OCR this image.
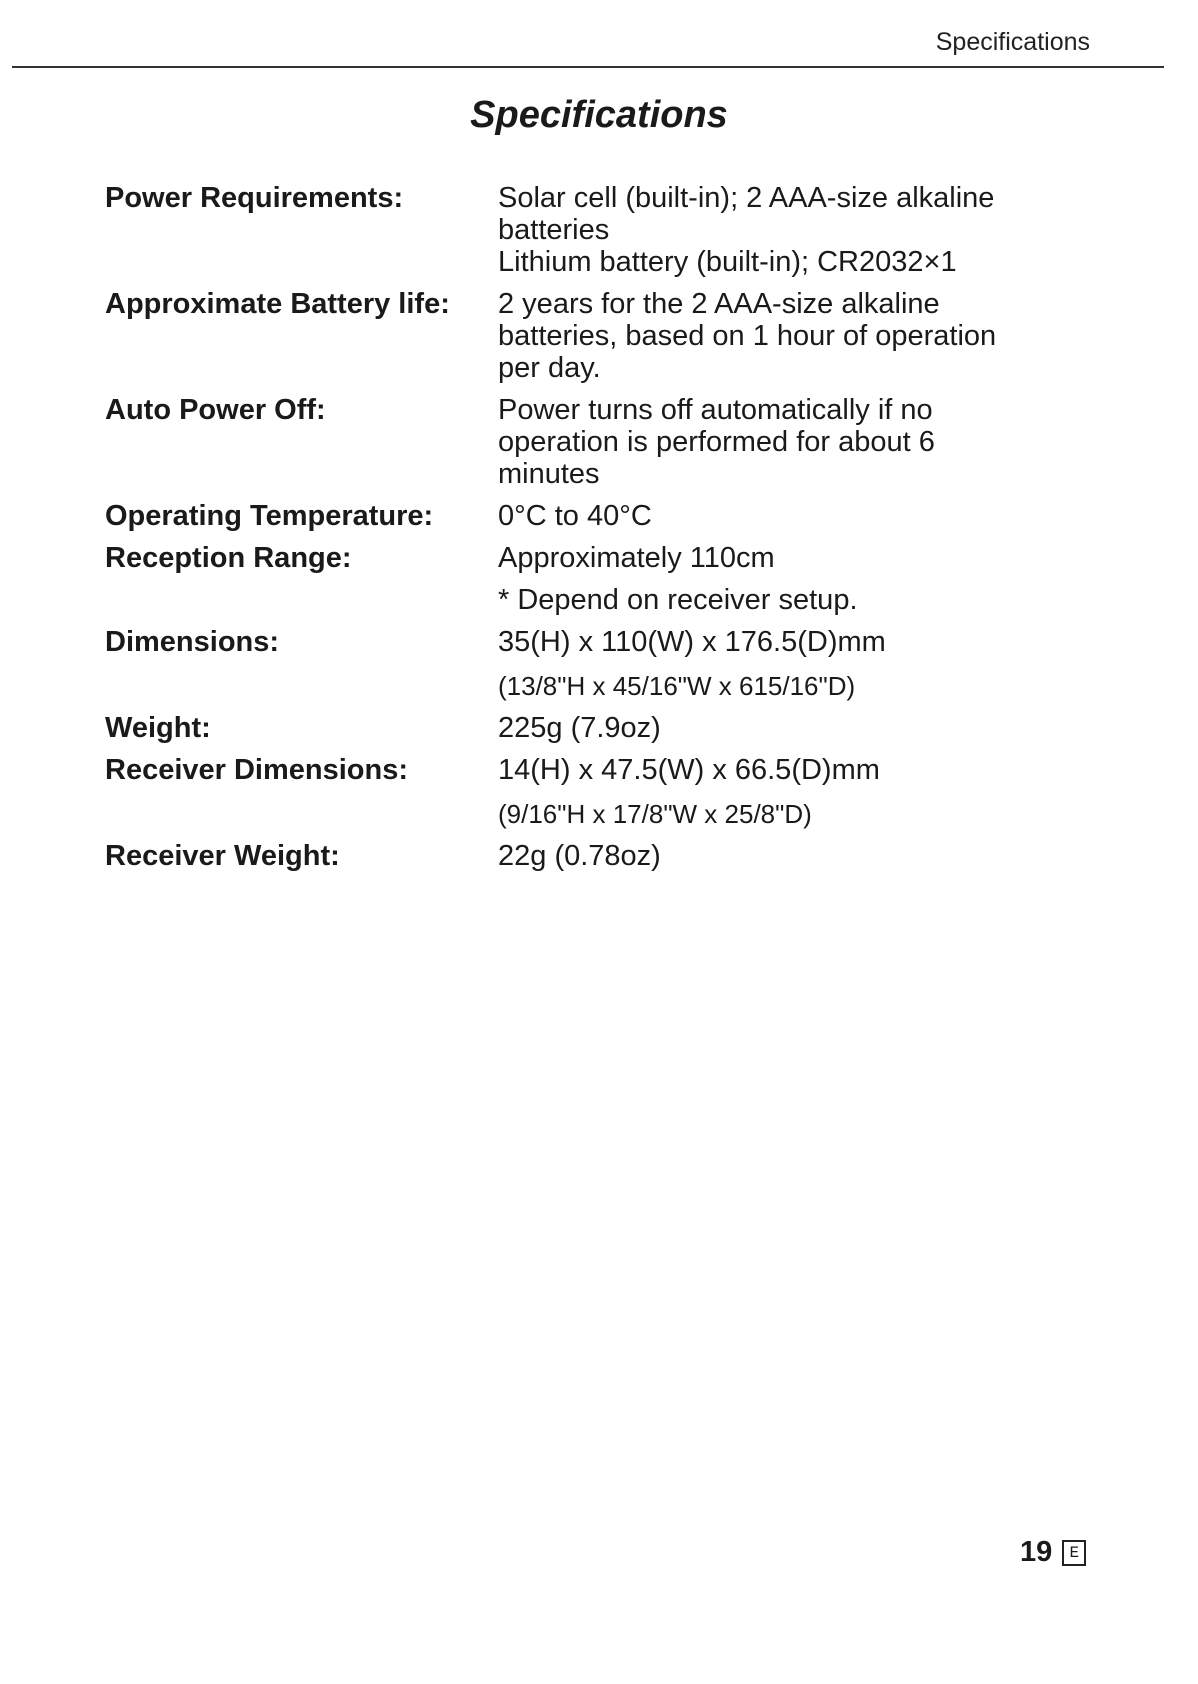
Specifications
Specifications
Power Requirements:	Solar cell (built-in); 2 AAA-size alkaline
batteries
Lithium battery (built-in); CR2032×1
Approximate Battery life:	2 years for the 2 AAA-size alkaline
batteries, based on 1 hour of operation
per day.
Auto Power Off:	Power turns off automatically if no
operation is performed for about 6
minutes
Operating Temperature:	0°C to 40°C
Reception Range:	Approximately 110cm
* Depend on receiver setup.
Dimensions:	35(H) x 110(W) x 176.5(D)mm
(13/8"H x 45/16"W x 615/16"D)
Weight:	225g (7.9oz)
Receiver Dimensions:	14(H) x 47.5(W) x 66.5(D)mm
(9/16"H x 17/8"W x 25/8"D)
Receiver Weight:	22g (0.78oz)
19	E
